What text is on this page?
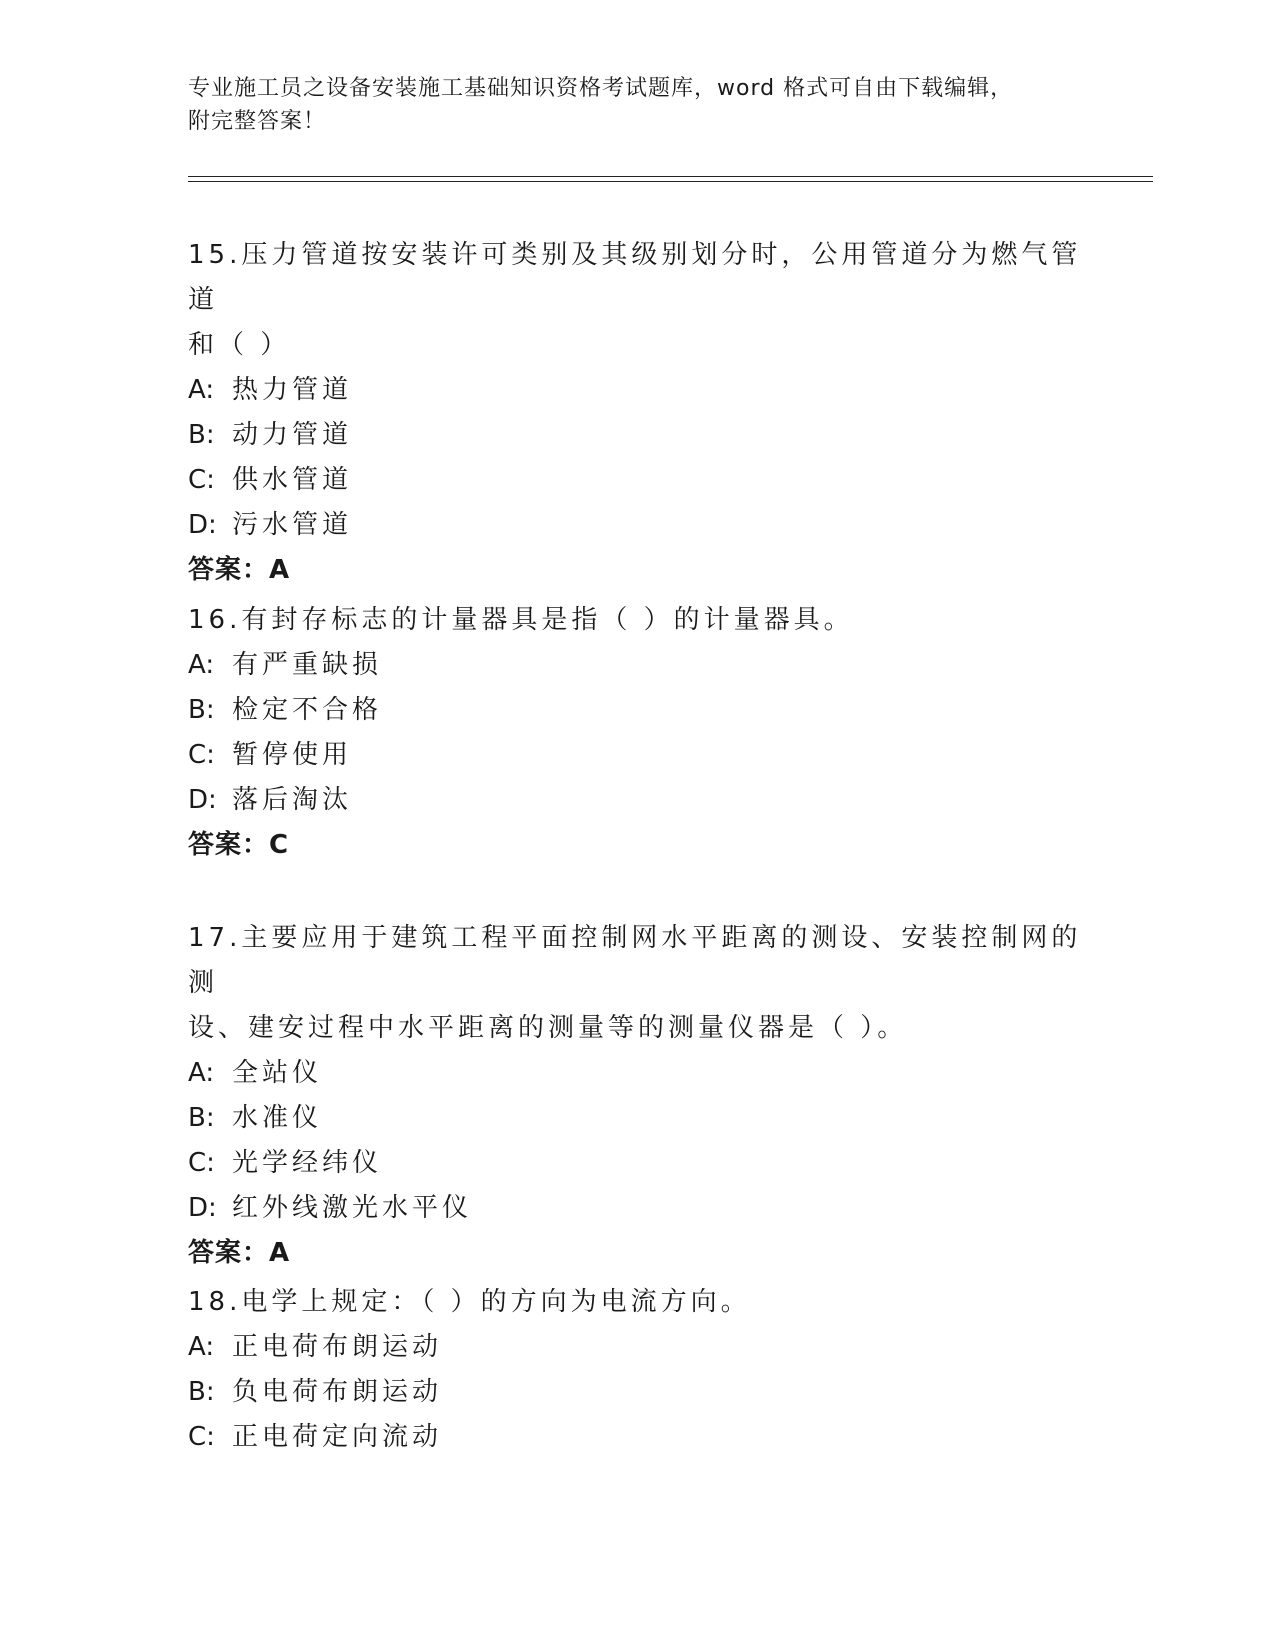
专业施工员之设备安装施工基础知识资格考试题库，word 格式可自由下载编辑，
附完整答案！

15.压力管道按安装许可类别及其级别划分时，公用管道分为燃气管道

和（ ）

A: 热力管道

B: 动力管道

C: 供水管道

D: 污水管道

答案：A

16.有封存标志的计量器具是指（ ）的计量器具。

A: 有严重缺损

B: 检定不合格

C: 暂停使用

D: 落后淘汰

答案：C

17.主要应用于建筑工程平面控制网水平距离的测设、安装控制网的测

设、建安过程中水平距离的测量等的测量仪器是（ ）。

A: 全站仪

B: 水准仪

C: 光学经纬仪

D: 红外线激光水平仪

答案：A

18.电学上规定：（ ）的方向为电流方向。

A: 正电荷布朗运动

B: 负电荷布朗运动

C: 正电荷定向流动
